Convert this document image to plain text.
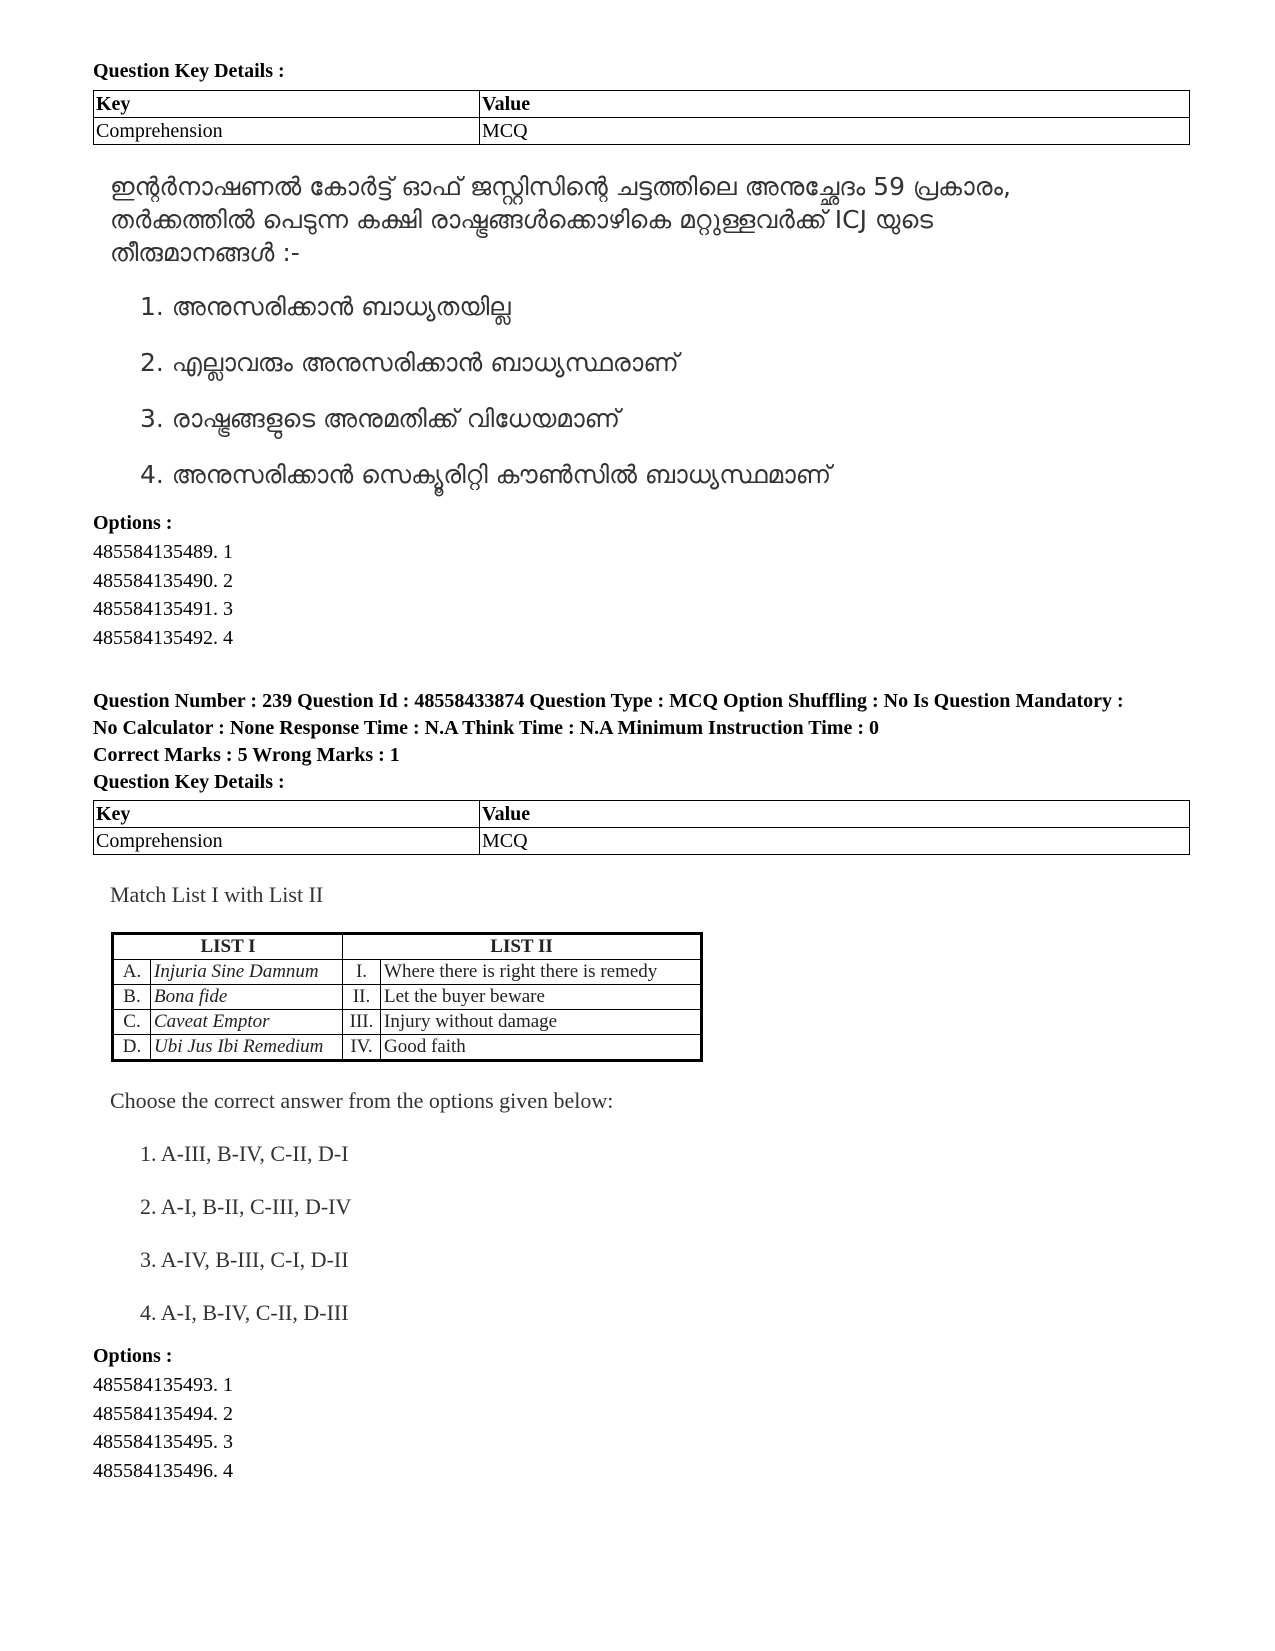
Question Key Details :
Key	Value
Comprehension	MCQ
ഇന്റർനാഷണൽ കോർട്ട് ഓഫ് ജസ്റ്റിസിന്റെ ചട്ടത്തിലെ അനുച്ഛേദം 59 പ്രകാരം,
തർക്കത്തിൽ പെടുന്ന കക്ഷി രാഷ്ട്രങ്ങൾക്കൊഴികെ മറ്റുള്ളവർക്ക് ICJ യുടെ
തീരുമാനങ്ങൾ :-
1. അനുസരിക്കാൻ ബാധ്യതയില്ല
2. എല്ലാവരും അനുസരിക്കാൻ ബാധ്യസ്ഥരാണ്
3. രാഷ്ട്രങ്ങളുടെ അനുമതിക്ക് വിധേയമാണ്
4. അനുസരിക്കാൻ സെക്യൂരിറ്റി കൗൺസിൽ ബാധ്യസ്ഥമാണ്
Options :
485584135489. 1
485584135490. 2
485584135491. 3
485584135492. 4
Question Number : 239 Question Id : 48558433874 Question Type : MCQ Option Shuffling : No Is Question Mandatory :
No Calculator : None Response Time : N.A Think Time : N.A Minimum Instruction Time : 0
Correct Marks : 5 Wrong Marks : 1
Question Key Details :
Key	Value
Comprehension	MCQ
Match List I with List II
LIST I		LIST II	
A.	Injuria Sine Damnum	I.	Where there is right there is remedy
B.	Bona fide	II.	Let the buyer beware
C.	Caveat Emptor	III.	Injury without damage
D.	Ubi Jus Ibi Remedium	IV.	Good faith
Choose the correct answer from the options given below:
1. A-III, B-IV, C-II, D-I
2. A-I, B-II, C-III, D-IV
3. A-IV, B-III, C-I, D-II
4. A-I, B-IV, C-II, D-III
Options :
485584135493. 1
485584135494. 2
485584135495. 3
485584135496. 4
